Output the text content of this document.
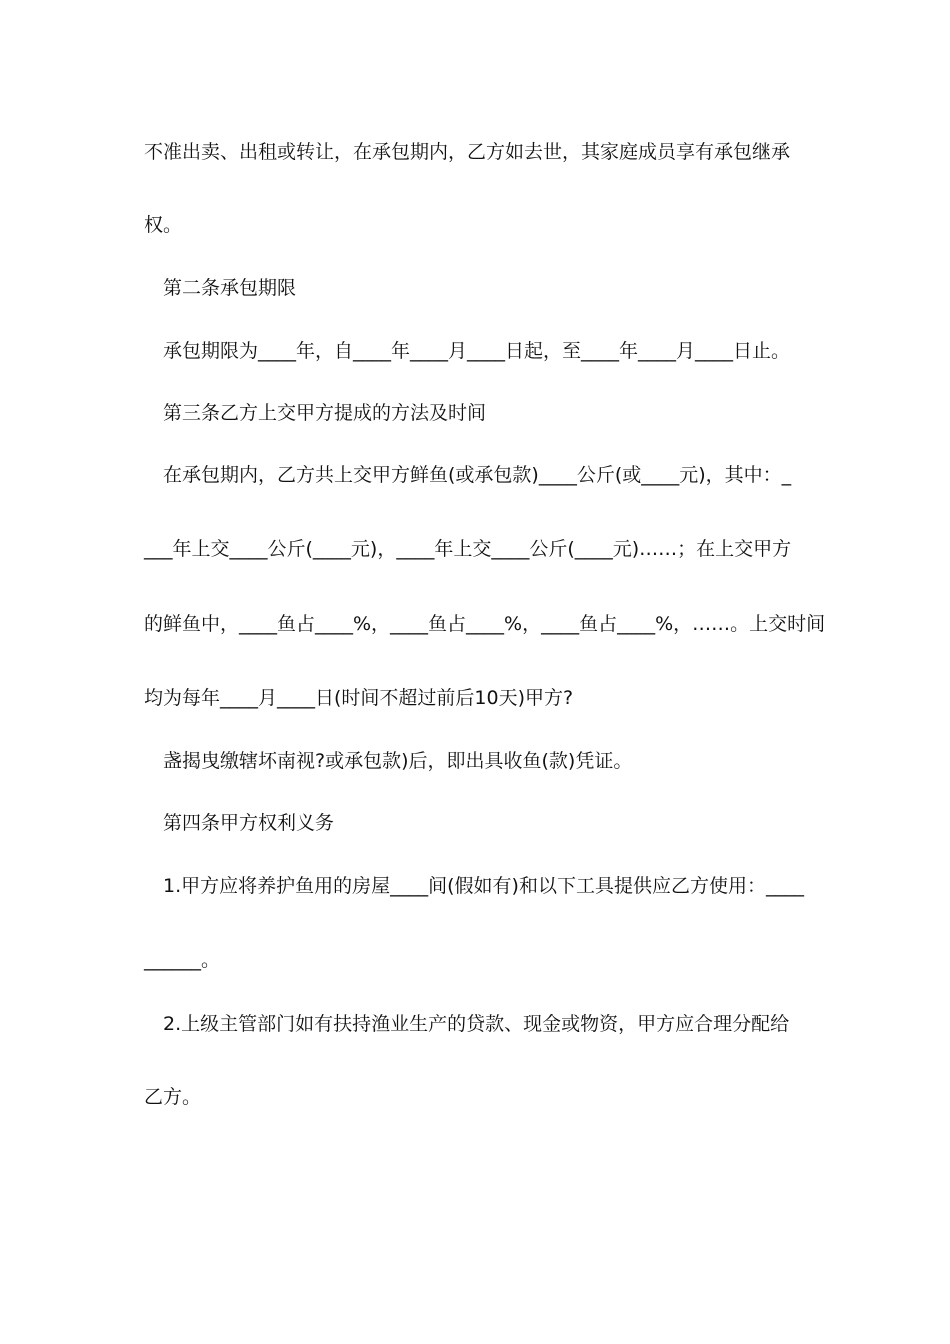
不准出卖、出租或转让，在承包期内，乙方如去世，其家庭成员享有承包继承
权。
第二条承包期限
承包期限为____年，自____年____月____日起，至____年____月____日止。
第三条乙方上交甲方提成的方法及时间
在承包期内，乙方共上交甲方鲜鱼(或承包款)____公斤(或____元)，其中：_
___年上交____公斤(____元)，____年上交____公斤(____元)……；在上交甲方
的鲜鱼中，____鱼占____%，____鱼占____%，____鱼占____%，……。上交时间
均为每年____月____日(时间不超过前后10天)甲方?
盏揭曳缴辖坏南视?或承包款)后，即出具收鱼(款)凭证。
第四条甲方权利义务
1.甲方应将养护鱼用的房屋____间(假如有)和以下工具提供应乙方使用：____
______。
2.上级主管部门如有扶持渔业生产的贷款、现金或物资，甲方应合理分配给
乙方。
